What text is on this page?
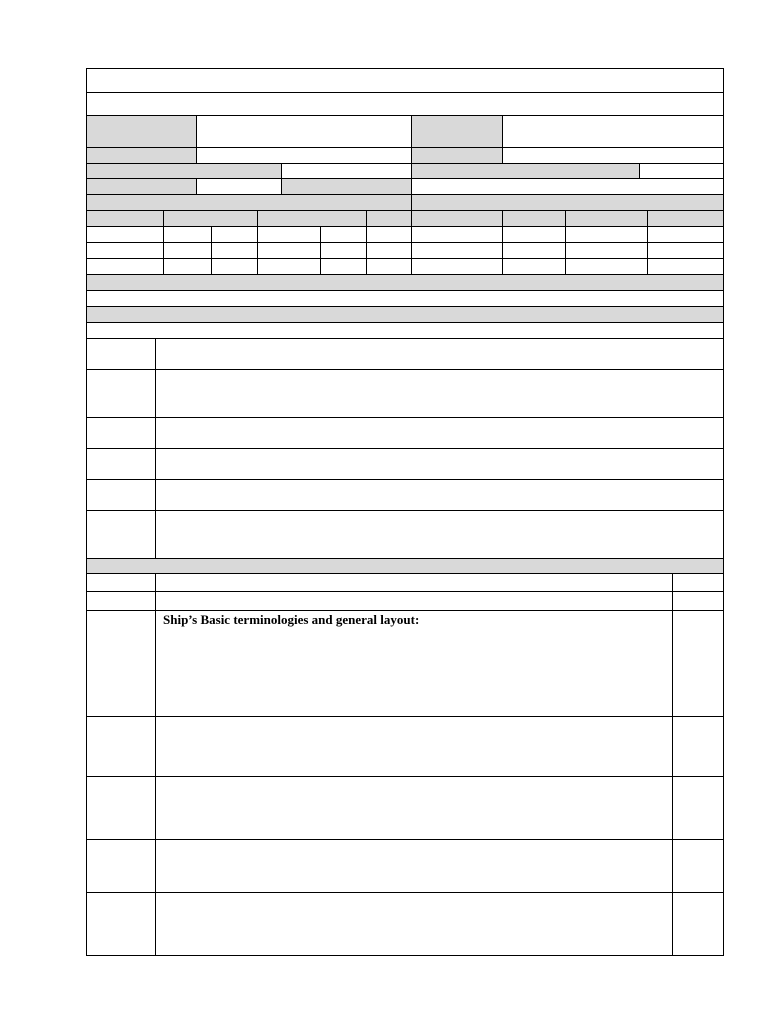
Ship’s Basic terminologies and general layout:
